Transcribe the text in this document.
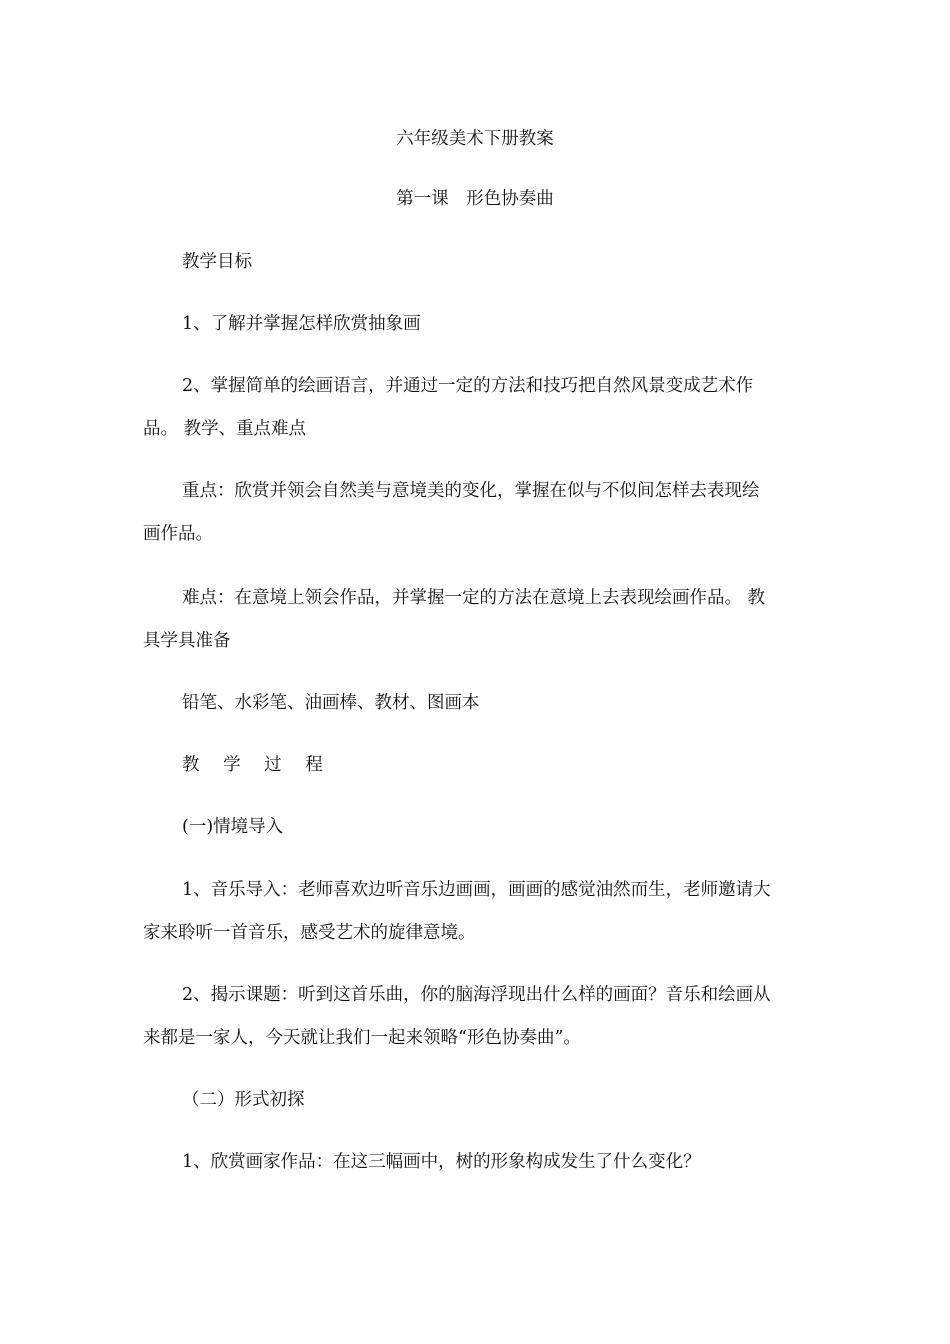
六年级美术下册教案
第一课　形色协奏曲
教学目标
1、了解并掌握怎样欣赏抽象画
2、掌握简单的绘画语言，并通过一定的方法和技巧把自然风景变成艺术作
品。 教学、重点难点
重点：欣赏并领会自然美与意境美的变化，掌握在似与不似间怎样去表现绘
画作品。
难点：在意境上领会作品，并掌握一定的方法在意境上去表现绘画作品。 教
具学具准备
铅笔、水彩笔、油画棒、教材、图画本
教 学 过 程
(一)情境导入
1、音乐导入：老师喜欢边听音乐边画画，画画的感觉油然而生，老师邀请大
家来聆听一首音乐，感受艺术的旋律意境。
2、揭示课题：听到这首乐曲，你的脑海浮现出什么样的画面？音乐和绘画从
来都是一家人，今天就让我们一起来领略“形色协奏曲”。
（二）形式初探
1、欣赏画家作品：在这三幅画中，树的形象构成发生了什么变化？
